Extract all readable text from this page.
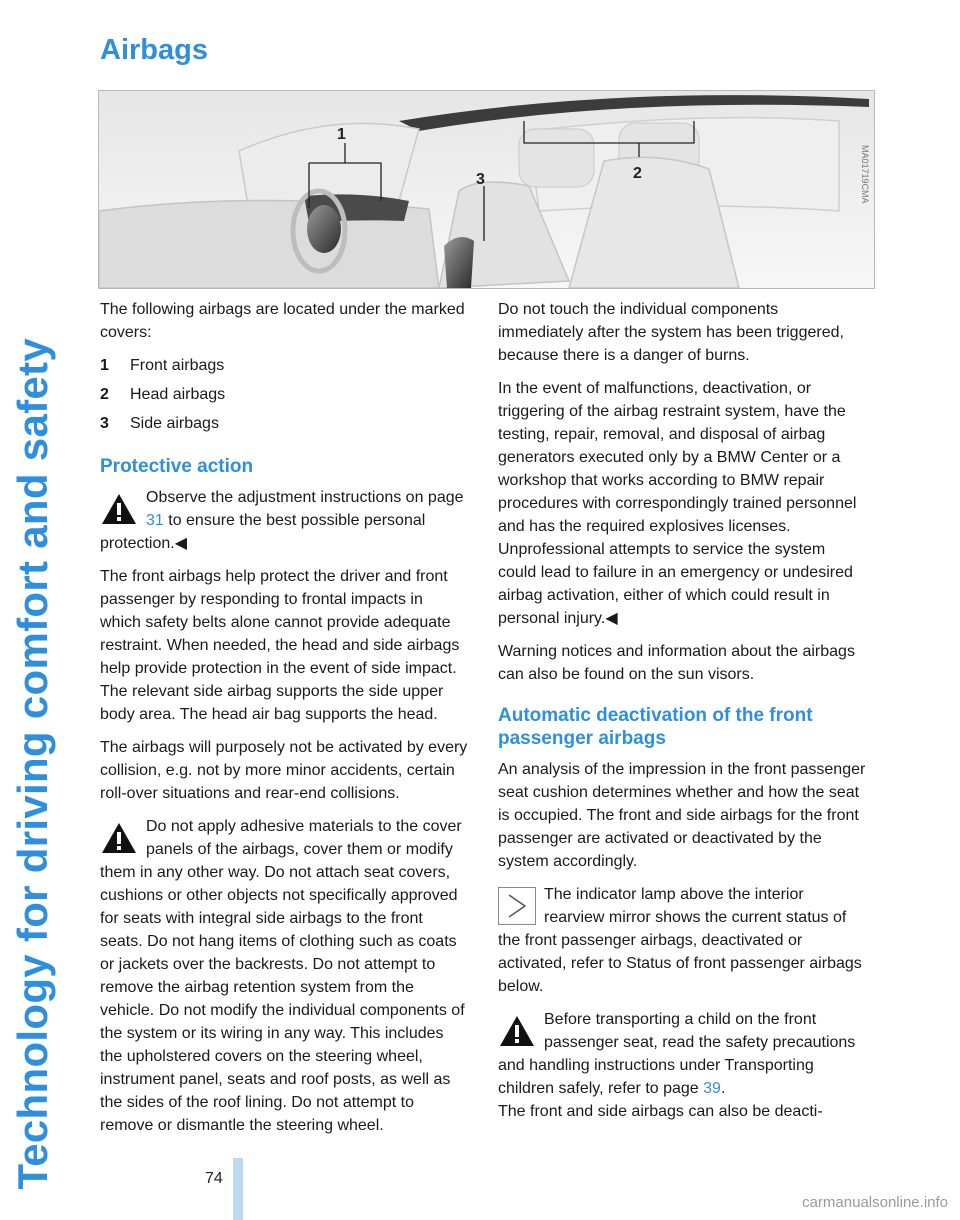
Technology for driving comfort and safety
Airbags
1
2
3	MA01719CMA

The following airbags are located under the marked covers:

1	Front airbags
2	Head airbags
3	Side airbags
Protective action
Observe the adjustment instructions on page 31 to ensure the best possible personal protection.◀

The front airbags help protect the driver and front passenger by responding to frontal impacts in which safety belts alone cannot provide adequate restraint. When needed, the head and side airbags help provide protection in the event of side impact. The relevant side airbag supports the side upper body area. The head air bag supports the head.

The airbags will purposely not be activated by every collision, e.g. not by more minor accidents, certain roll-over situations and rear-end collisions.

Do not apply adhesive materials to the cover panels of the airbags, cover them or modify them in any other way. Do not attach seat covers, cushions or other objects not specifically approved for seats with integral side airbags to the front seats. Do not hang items of clothing such as coats or jackets over the backrests. Do not attempt to remove the airbag retention system from the vehicle. Do not modify the individual components of the system or its wiring in any way. This includes the upholstered covers on the steering wheel, instrument panel, seats and roof posts, as well as the sides of the roof lining. Do not attempt to remove or dismantle the steering wheel.

Do not touch the individual components immediately after the system has been triggered, because there is a danger of burns.

In the event of malfunctions, deactivation, or triggering of the airbag restraint system, have the testing, repair, removal, and disposal of airbag generators executed only by a BMW Center or a workshop that works according to BMW repair procedures with correspondingly trained personnel and has the required explosives licenses. Unprofessional attempts to service the system could lead to failure in an emergency or undesired airbag activation, either of which could result in personal injury.◀

Warning notices and information about the airbags can also be found on the sun visors.

Automatic deactivation of the front passenger airbags

An analysis of the impression in the front passenger seat cushion determines whether and how the seat is occupied. The front and side airbags for the front passenger are activated or deactivated by the system accordingly.

The indicator lamp above the interior rearview mirror shows the current status of the front passenger airbags, deactivated or activated, refer to Status of front passenger airbags below.
Before transporting a child on the front passenger seat, read the safety precautions and handling instructions under Transporting children safely, refer to page 39.
The front and side airbags can also be deacti-
74
carmanualsonline.info
